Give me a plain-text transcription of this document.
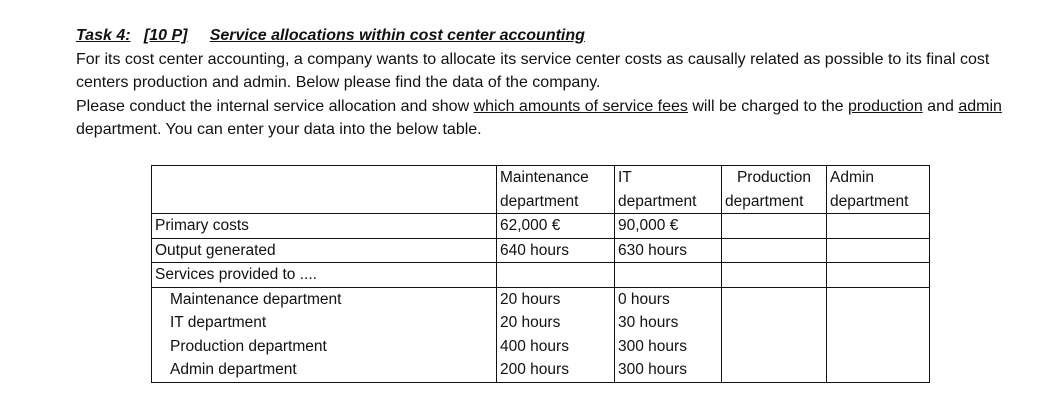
Task 4: [10 P] Service allocations within cost center accounting
For its cost center accounting, a company wants to allocate its service center costs as causally related as possible to its final cost centers production and admin. Below please find the data of the company.
Please conduct the internal service allocation and show which amounts of service fees will be charged to the production and admin department. You can enter your data into the below table.
	Maintenance	IT	Production	Admin
	department	department	department	department
Primary costs	62,000 €	90,000 €		
Output generated	640 hours	630 hours		
Services provided to ....				
Maintenance department	20 hours	0 hours		
IT department	20 hours	30 hours		
Production department	400 hours	300 hours		
Admin department	200 hours	300 hours		
